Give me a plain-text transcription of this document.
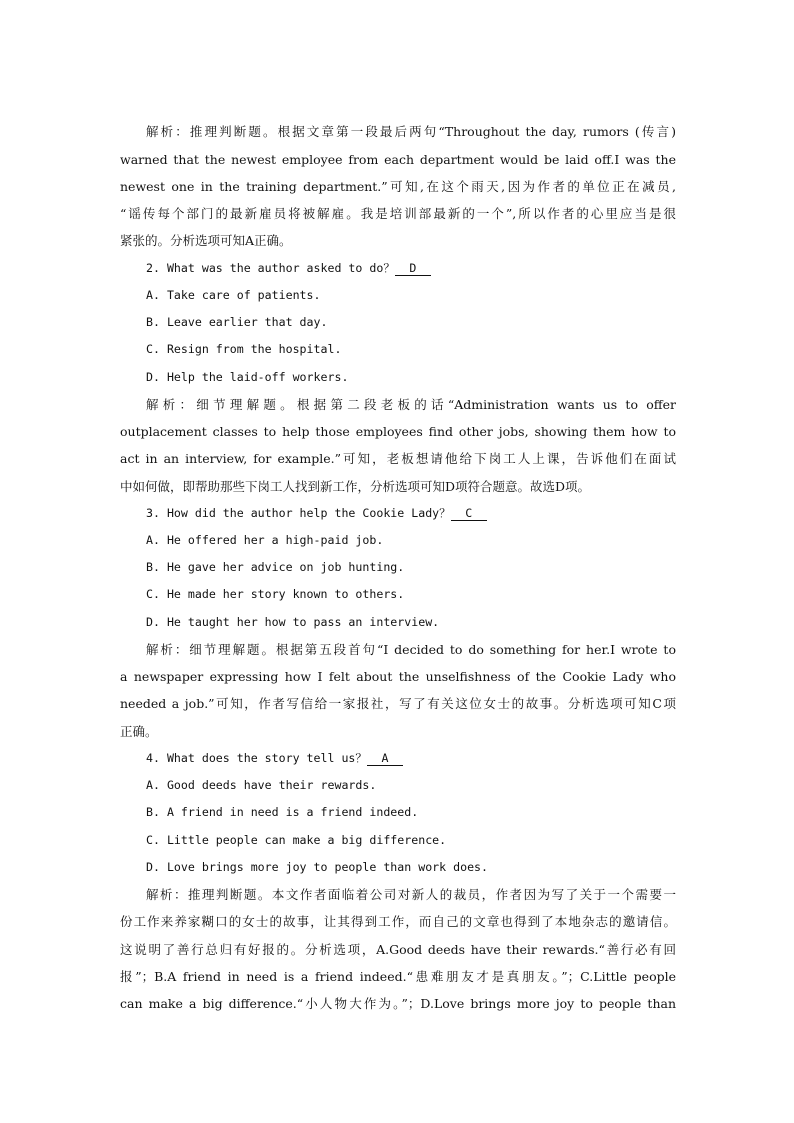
解析：推理判断题。根据文章第一段最后两句“Throughout the day, rumors (传言)
warned that the newest employee from each department would be laid off.I was the
newest one in the training department.”可知,在这个雨天,因为作者的单位正在减员,
“谣传每个部门的最新雇员将被解雇。我是培训部最新的一个”,所以作者的心里应当是很
紧张的。分析选项可知A正确。
2. What was the author asked to do？ D
A. Take care of patients.
B. Leave earlier that day.
C. Resign from the hospital.
D. Help the laid-off workers.
解析：细节理解题。根据第二段老板的话“Administration wants us to offer
outplacement classes to help those employees find other jobs, showing them how to
act in an interview, for example.”可知，老板想请他给下岗工人上课，告诉他们在面试
中如何做，即帮助那些下岗工人找到新工作，分析选项可知D项符合题意。故选D项。
3. How did the author help the Cookie Lady？ C
A. He offered her a high-paid job.
B. He gave her advice on job hunting.
C. He made her story known to others.
D. He taught her how to pass an interview.
解析：细节理解题。根据第五段首句“I decided to do something for her.I wrote to
a newspaper expressing how I felt about the unselfishness of the Cookie Lady who
needed a job.”可知，作者写信给一家报社，写了有关这位女士的故事。分析选项可知C项
正确。
4. What does the story tell us？ A
A. Good deeds have their rewards.
B. A friend in need is a friend indeed.
C. Little people can make a big difference.
D. Love brings more joy to people than work does.
解析：推理判断题。本文作者面临着公司对新人的裁员，作者因为写了关于一个需要一
份工作来养家糊口的女士的故事，让其得到工作，而自己的文章也得到了本地杂志的邀请信。
这说明了善行总归有好报的。分析选项，A.Good deeds have their rewards.“善行必有回
报”；B.A friend in need is a friend indeed.“患难朋友才是真朋友。”；C.Little people
can make a big difference.“小人物大作为。”；D.Love brings more joy to people than
